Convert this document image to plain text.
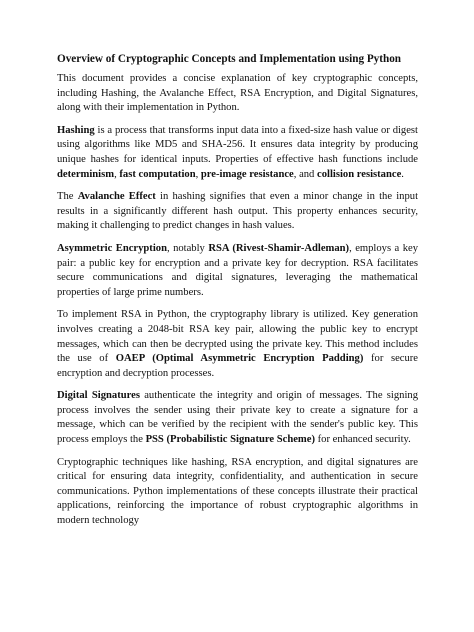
Overview of Cryptographic Concepts and Implementation using Python

This document provides a concise explanation of key cryptographic concepts, including Hashing, the Avalanche Effect, RSA Encryption, and Digital Signatures, along with their implementation in Python.

Hashing is a process that transforms input data into a fixed-size hash value or digest using algorithms like MD5 and SHA-256. It ensures data integrity by producing unique hashes for identical inputs. Properties of effective hash functions include determinism, fast computation, pre-image resistance, and collision resistance.

The Avalanche Effect in hashing signifies that even a minor change in the input results in a significantly different hash output. This property enhances security, making it challenging to predict changes in hash values.

Asymmetric Encryption, notably RSA (Rivest-Shamir-Adleman), employs a key pair: a public key for encryption and a private key for decryption. RSA facilitates secure communications and digital signatures, leveraging the mathematical properties of large prime numbers.

To implement RSA in Python, the cryptography library is utilized. Key generation involves creating a 2048-bit RSA key pair, allowing the public key to encrypt messages, which can then be decrypted using the private key. This method includes the use of OAEP (Optimal Asymmetric Encryption Padding) for secure encryption and decryption processes.

Digital Signatures authenticate the integrity and origin of messages. The signing process involves the sender using their private key to create a signature for a message, which can be verified by the recipient with the sender's public key. This process employs the PSS (Probabilistic Signature Scheme) for enhanced security.

Cryptographic techniques like hashing, RSA encryption, and digital signatures are critical for ensuring data integrity, confidentiality, and authentication in secure communications. Python implementations of these concepts illustrate their practical applications, reinforcing the importance of robust cryptographic algorithms in modern technology
